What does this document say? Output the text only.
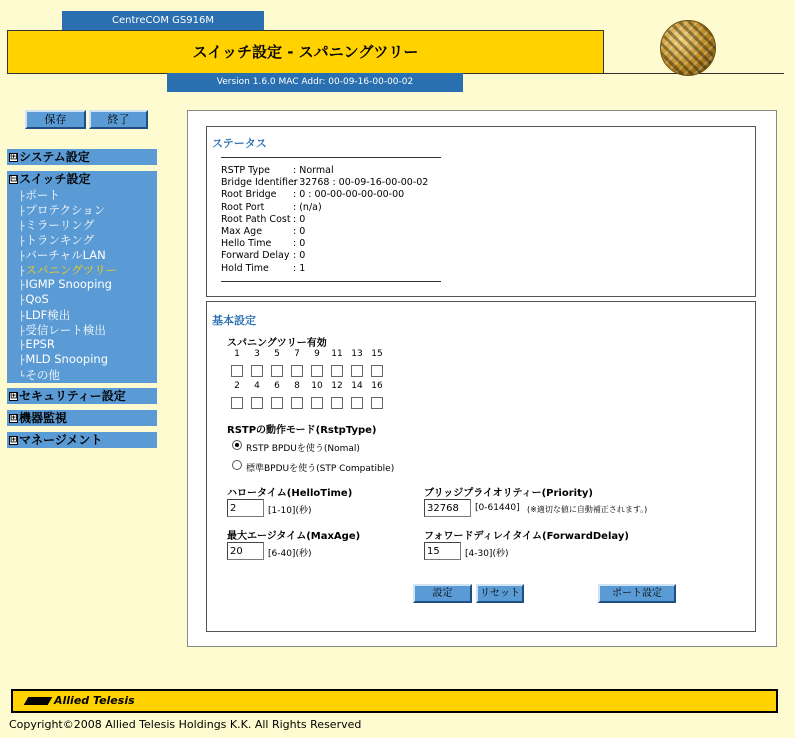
CentreCOM GS916M
スイッチ設定 - スパニングツリー
Version 1.6.0 MAC Addr: 00-09-16-00-00-02
保存	終了
⊞システム設定
⊟スイッチ設定
├ポート
├プロテクション
├ミラーリング
├トランキング
├バーチャルLAN
├スパニングツリー
├IGMP Snooping
├QoS
├LDF検出
├受信レート検出
├EPSR
├MLD Snooping
└その他
⊞セキュリティー設定
⊞機器監視
⊞マネージメント
ステータス
RSTP Type : Normal
Bridge Identifier: 32768 : 00-09-16-00-00-02
Root Bridge : 0 : 00-00-00-00-00-00
Root Port	: (n/a)
Root Path Cost : 0
Max Age	: 0
Hello Time : 0
Forward Delay : 0
Hold Time	: 1
基本設定
スパニングツリー有効
1	3	5	7	9	11 13 15
2	4	6	8	10 12 14 16
RSTPの動作モード(RstpType)
RSTP BPDUを使う(Nomal)
標準BPDUを使う(STP Compatible)
ハロータイム(HelloTime)
2
[1-10](秒)
ブリッジプライオリティー(Priority)
32768
[0-61440] (※適切な値に自動補正されます。)
最大エージタイム(MaxAge)
20
[6-40](秒)
フォワードディレイタイム(ForwardDelay)
15
[4-30](秒)
設定	リセット	ポート設定
Allied Telesis
Copyright©2008 Allied Telesis Holdings K.K. All Rights Reserved
